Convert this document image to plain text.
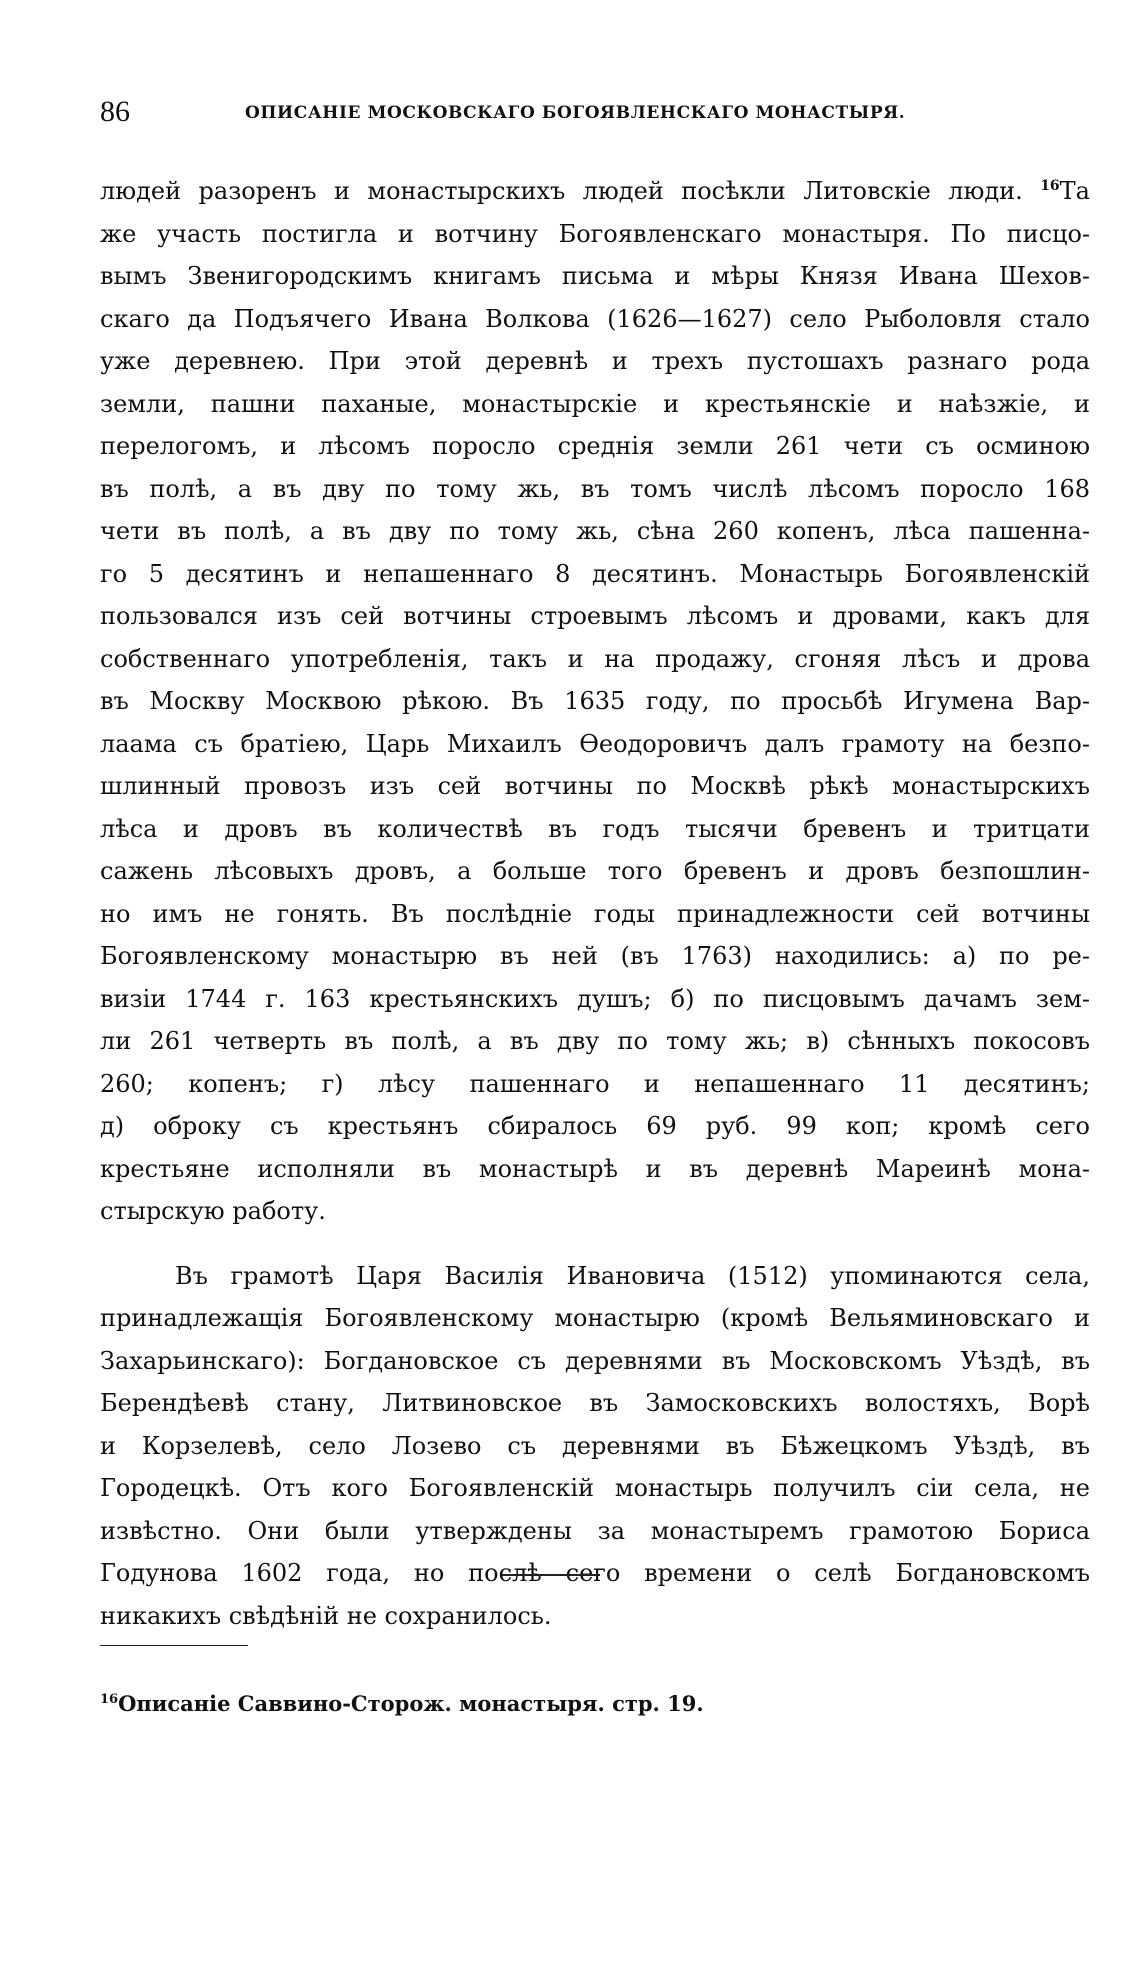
86	ОПИСАНІЕ МОСКОВСКАГО БОГОЯВЛЕНСКАГО МОНАСТЫРЯ.
людей разоренъ и монастырскихъ людей посѣкли Литовскіе люди. $^{16}$Та
же участь постигла и вотчину Богоявленскаго монастыря. По писцо-
вымъ Звенигородскимъ книгамъ письма и мѣры Князя Ивана Шехов-
скаго да Подъячего Ивана Волкова (1626—1627) село Рыболовля стало
уже деревнею. При этой деревнѣ и трехъ пустошахъ разнаго рода
земли, пашни паханые, монастырскіе и крестьянскіе и наѣзжіе, и
перелогомъ, и лѣсомъ поросло среднія земли 261 чети съ осминою
въ полѣ, а въ дву по тому жь, въ томъ числѣ лѣсомъ поросло 168
чети въ полѣ, а въ дву по тому жь, сѣна 260 копенъ, лѣса пашенна-
го 5 десятинъ и непашеннаго 8 десятинъ. Монастырь Богоявленскій
пользовался изъ сей вотчины строевымъ лѣсомъ и дровами, какъ для
собственнаго употребленія, такъ и на продажу, сгоняя лѣсъ и дрова
въ Москву Москвою рѣкою. Въ 1635 году, по просьбѣ Игумена Вар-
лаама съ братіею, Царь Михаилъ Ѳеодоровичъ далъ грамоту на безпо-
шлинный провозъ изъ сей вотчины по Москвѣ рѣкѣ монастырскихъ
лѣса и дровъ въ количествѣ въ годъ тысячи бревенъ и тритцати
сажень лѣсовыхъ дровъ, а больше того бревенъ и дровъ безпошлин-
но имъ не гонять. Въ послѣдніе годы принадлежности сей вотчины
Богоявленскому монастырю въ ней (въ 1763) находились: а) по ре-
визіи 1744 г. 163 крестьянскихъ душъ; б) по писцовымъ дачамъ зем-
ли 261 четверть въ полѣ, а въ дву по тому жь; в) сѣнныхъ покосовъ
260; копенъ; г) лѣсу пашеннаго и непашеннаго 11 десятинъ;
д) оброку съ крестьянъ сбиралось 69 руб. 99 коп; кромѣ сего
крестьяне исполняли въ монастырѣ и въ деревнѣ Мареинѣ мона-
стырскую работу.
Въ грамотѣ Царя Василія Ивановича (1512) упоминаются села,
принадлежащія Богоявленскому монастырю (кромѣ Вельяминовскаго и
Захарьинскаго): Богдановское съ деревнями въ Московскомъ Уѣздѣ, въ
Берендѣевѣ стану, Литвиновское въ Замосковскихъ волостяхъ, Ворѣ
и Корзелевѣ, село Лозево съ деревнями въ Бѣжецкомъ Уѣздѣ, въ
Городецкѣ. Отъ кого Богоявленскій монастырь получилъ сіи села, не
извѣстно. Они были утверждены за монастыремъ грамотою Бориса
Годунова 1602 года, но послѣ сего времени о селѣ Богдановскомъ
никакихъ свѣдѣній не сохранилось.
$^{16}$Описаніе Саввино-Сторож. монастыря. стр. 19.
